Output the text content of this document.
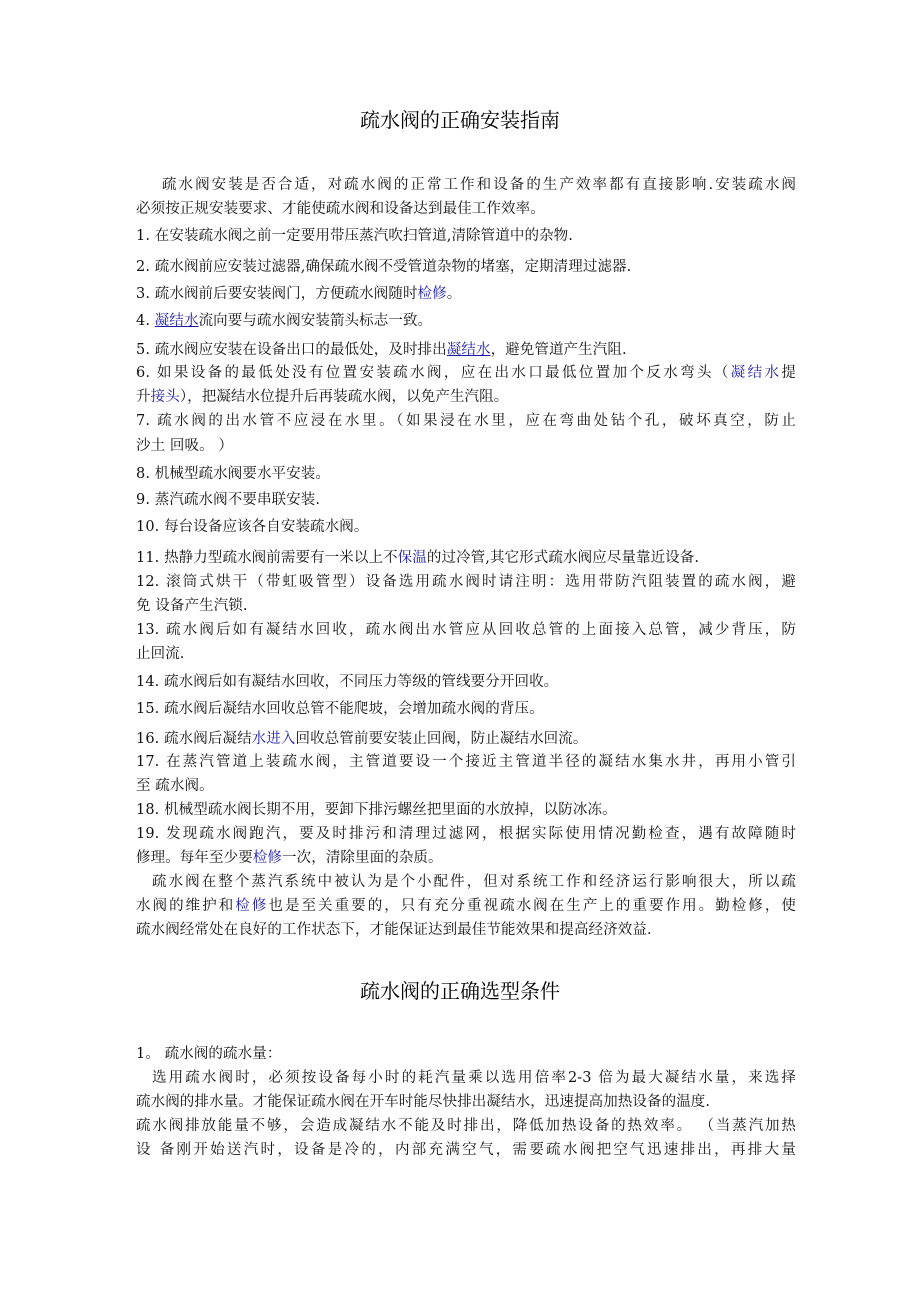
疏水阀的正确安装指南
疏水阀安装是否合适，对疏水阀的正常工作和设备的生产效率都有直接影响.安装疏水阀
必须按正规安装要求、才能使疏水阀和设备达到最佳工作效率。
1. 在安装疏水阀之前一定要用带压蒸汽吹扫管道,清除管道中的杂物.
2. 疏水阀前应安装过滤器,确保疏水阀不受管道杂物的堵塞，定期清理过滤器.
3. 疏水阀前后要安装阀门，方便疏水阀随时检修。
4. 凝结水流向要与疏水阀安装箭头标志一致。
5. 疏水阀应安装在设备出口的最低处，及时排出凝结水，避免管道产生汽阻.
6. 如果设备的最低处没有位置安装疏水阀，应在出水口最低位置加个反水弯头（凝结水提
升接头），把凝结水位提升后再装疏水阀，以免产生汽阻。
7. 疏水阀的出水管不应浸在水里。（如果浸在水里，应在弯曲处钻个孔，破坏真空，防止
沙土 回吸。 ）
8. 机械型疏水阀要水平安装。
9. 蒸汽疏水阀不要串联安装.
10. 每台设备应该各自安装疏水阀。
11. 热静力型疏水阀前需要有一米以上不保温的过冷管,其它形式疏水阀应尽量靠近设备.
12. 滚筒式烘干（带虹吸管型）设备选用疏水阀时请注明：选用带防汽阻装置的疏水阀，避
免 设备产生汽锁.
13. 疏水阀后如有凝结水回收，疏水阀出水管应从回收总管的上面接入总管，减少背压，防
止回流.
14. 疏水阀后如有凝结水回收，不同压力等级的管线要分开回收。
15. 疏水阀后凝结水回收总管不能爬坡，会增加疏水阀的背压。
16. 疏水阀后凝结水进入回收总管前要安装止回阀，防止凝结水回流。
17. 在蒸汽管道上装疏水阀，主管道要设一个接近主管道半径的凝结水集水井，再用小管引
至 疏水阀。
18. 机械型疏水阀长期不用，要卸下排污螺丝把里面的水放掉，以防冰冻。
19. 发现疏水阀跑汽，要及时排污和清理过滤网，根据实际使用情况勤检查，遇有故障随时
修理。每年至少要检修一次，清除里面的杂质。
疏水阀在整个蒸汽系统中被认为是个小配件，但对系统工作和经济运行影响很大，所以疏
水阀的维护和检修也是至关重要的，只有充分重视疏水阀在生产上的重要作用。勤检修，使
疏水阀经常处在良好的工作状态下，才能保证达到最佳节能效果和提高经济效益.
疏水阀的正确选型条件
1。 疏水阀的疏水量：
选用疏水阀时，必须按设备每小时的耗汽量乘以选用倍率2-3 倍为最大凝结水量，来选择
疏水阀的排水量。才能保证疏水阀在开车时能尽快排出凝结水，迅速提高加热设备的温度.
疏水阀排放能量不够，会造成凝结水不能及时排出，降低加热设备的热效率。 （当蒸汽加热
设 备刚开始送汽时，设备是冷的，内部充满空气，需要疏水阀把空气迅速排出，再排大量
